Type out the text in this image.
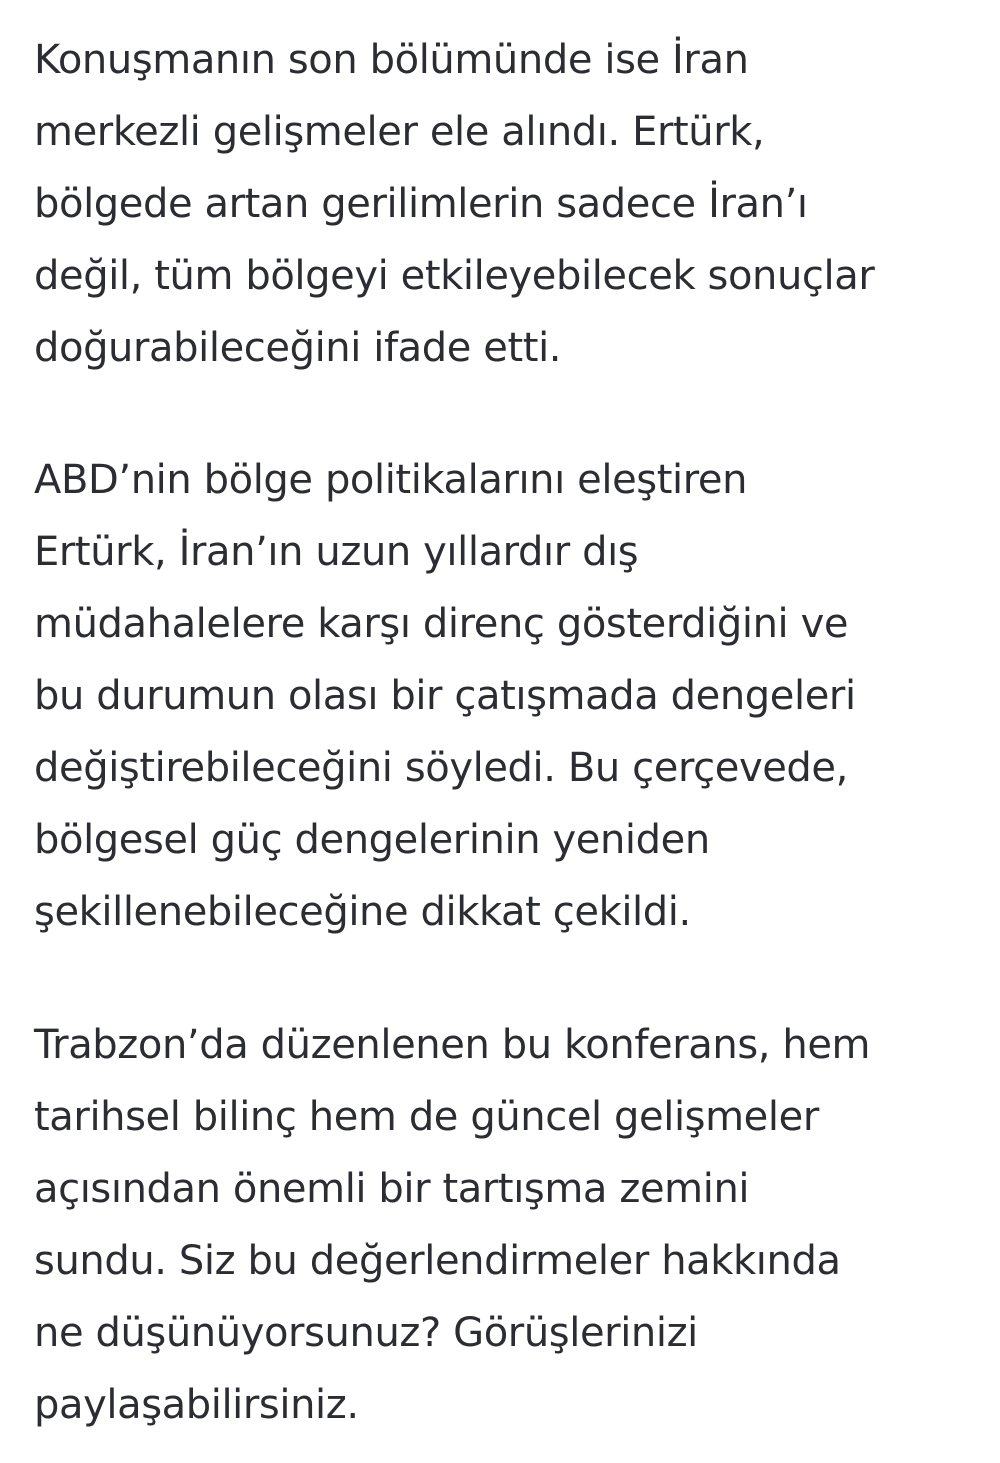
Konuşmanın son bölümünde ise İran
merkezli gelişmeler ele alındı. Ertürk,
bölgede artan gerilimlerin sadece İran’ı
değil, tüm bölgeyi etkileyebilecek sonuçlar
doğurabileceğini ifade etti.

ABD’nin bölge politikalarını eleştiren
Ertürk, İran’ın uzun yıllardır dış
müdahalelere karşı direnç gösterdiğini ve
bu durumun olası bir çatışmada dengeleri
değiştirebileceğini söyledi. Bu çerçevede,
bölgesel güç dengelerinin yeniden
şekillenebileceğine dikkat çekildi.

Trabzon’da düzenlenen bu konferans, hem
tarihsel bilinç hem de güncel gelişmeler
açısından önemli bir tartışma zemini
sundu. Siz bu değerlendirmeler hakkında
ne düşünüyorsunuz? Görüşlerinizi
paylaşabilirsiniz.
